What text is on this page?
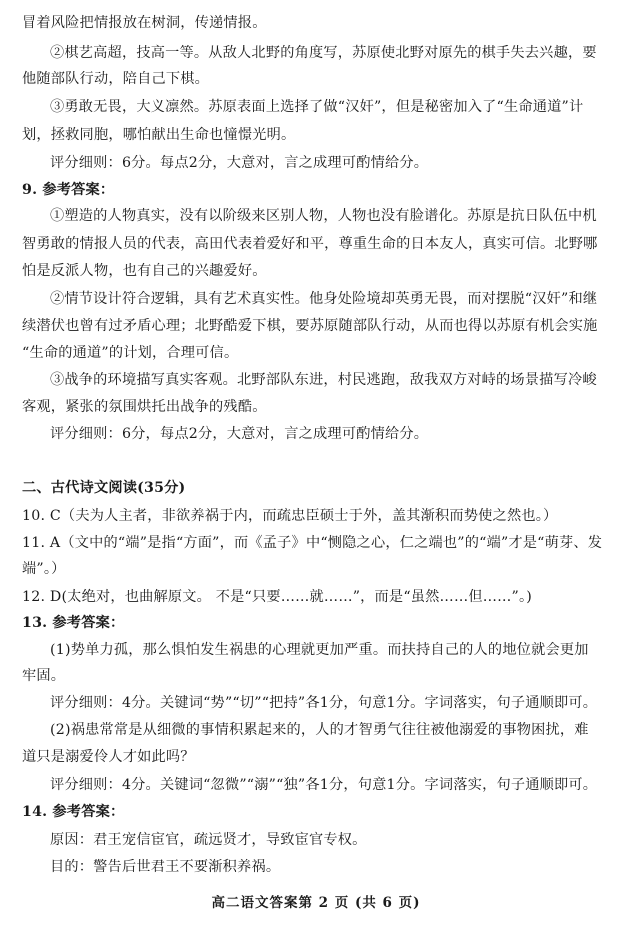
冒着风险把情报放在树洞，传递情报。
②棋艺高超，技高一等。从敌人北野的角度写，苏原使北野对原先的棋手失去兴趣，要
他随部队行动，陪自己下棋。
③勇敢无畏，大义凛然。苏原表面上选择了做“汉奸”，但是秘密加入了“生命通道”计
划，拯救同胞，哪怕献出生命也憧憬光明。
评分细则：6分。每点2分，大意对，言之成理可酌情给分。
9. 参考答案：
①塑造的人物真实，没有以阶级来区别人物，人物也没有脸谱化。苏原是抗日队伍中机
智勇敢的情报人员的代表，高田代表着爱好和平，尊重生命的日本友人，真实可信。北野哪
怕是反派人物，也有自己的兴趣爱好。
②情节设计符合逻辑，具有艺术真实性。他身处险境却英勇无畏，而对摆脱“汉奸”和继
续潜伏也曾有过矛盾心理；北野酷爱下棋，要苏原随部队行动，从而也得以苏原有机会实施
“生命的通道”的计划，合理可信。
③战争的环境描写真实客观。北野部队东进，村民逃跑，敌我双方对峙的场景描写冷峻
客观，紧张的氛围烘托出战争的残酷。
评分细则：6分，每点2分，大意对，言之成理可酌情给分。
二、古代诗文阅读(35分)
10. C（夫为人主者，非欲养祸于内，而疏忠臣硕士于外，盖其渐积而势使之然也。）
11. A（文中的“端”是指“方面”，而《孟子》中“恻隐之心，仁之端也”的“端”才是“萌芽、发
端”。）
12. D(太绝对，也曲解原文。 不是“只要……就……”，而是“虽然……但……”。)
13. 参考答案：
(1)势单力孤，那么惧怕发生祸患的心理就更加严重。而扶持自己的人的地位就会更加
牢固。
评分细则：4分。关键词“势”“切”“把持”各1分，句意1分。字词落实，句子通顺即可。
(2)祸患常常是从细微的事情积累起来的，人的才智勇气往往被他溺爱的事物困扰，难
道只是溺爱伶人才如此吗？
评分细则：4分。关键词“忽微”“溺”“独”各1分，句意1分。字词落实，句子通顺即可。
14. 参考答案：
原因：君王宠信宦官，疏远贤才，导致宦官专权。
目的：警告后世君王不要渐积养祸。
高二语文答案第 2 页 (共 6 页)
